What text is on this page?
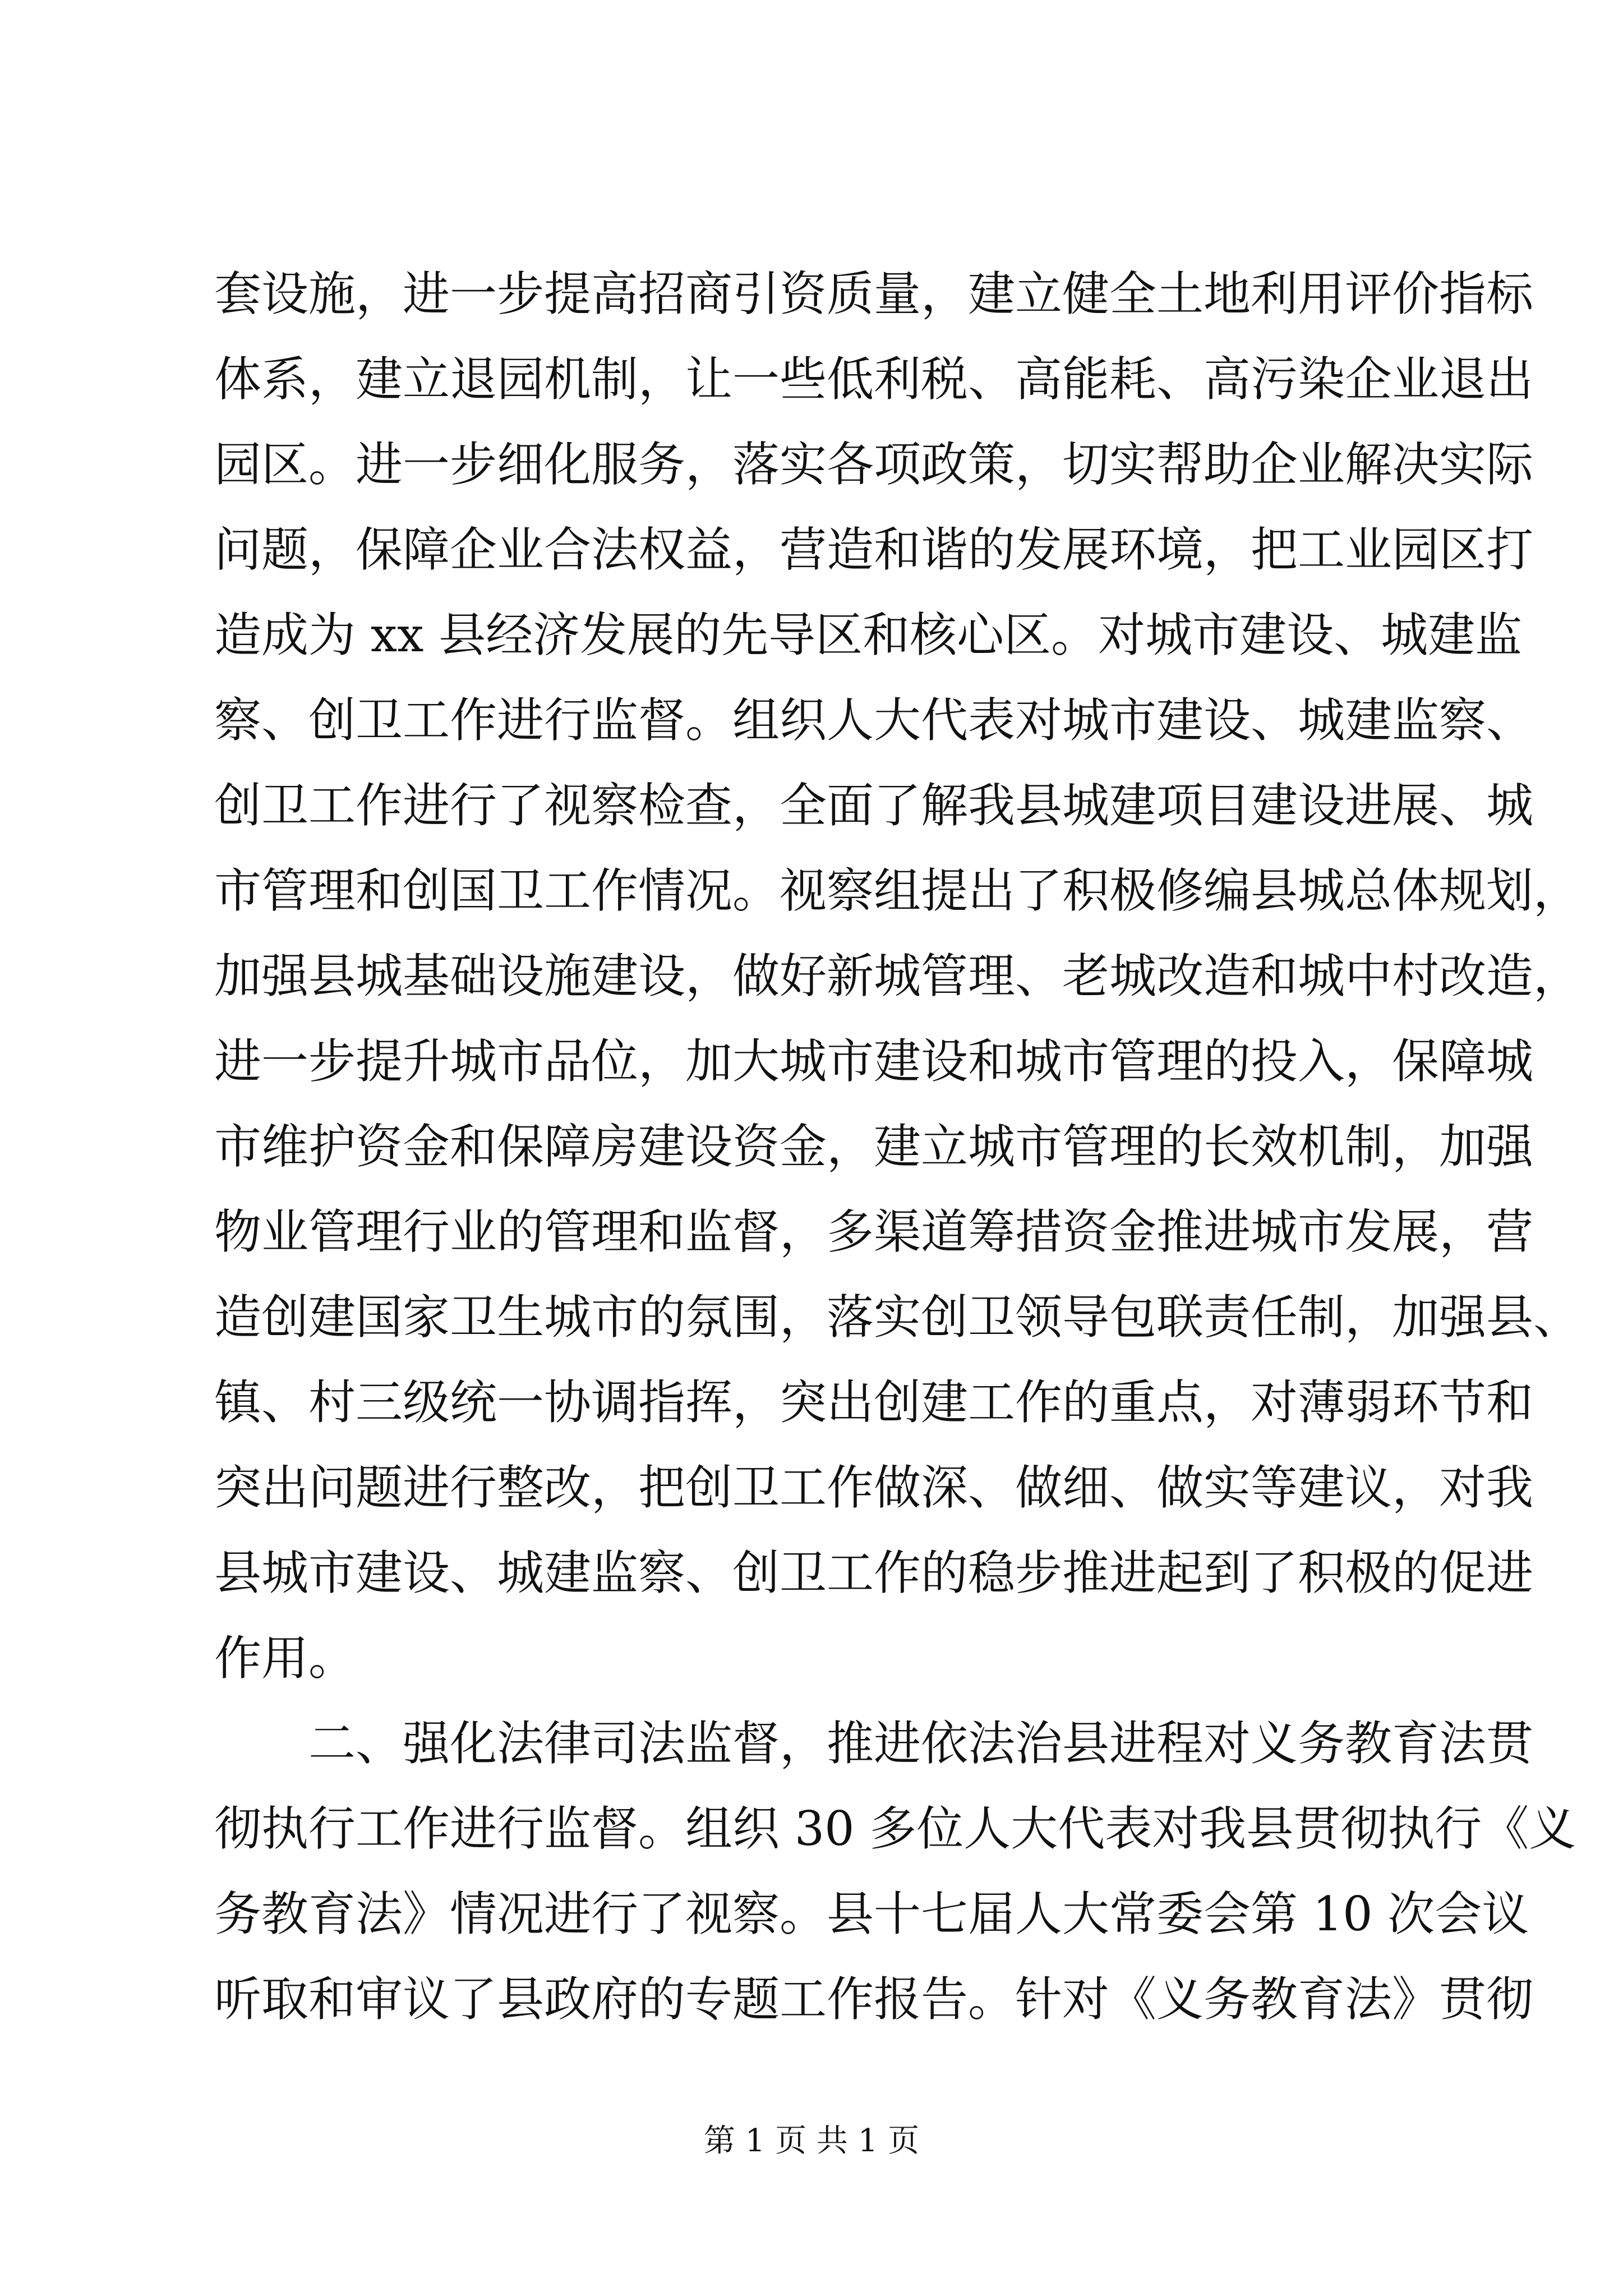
套设施，进一步提高招商引资质量，建立健全土地利用评价指标
体系，建立退园机制，让一些低利税、高能耗、高污染企业退出
园区。进一步细化服务，落实各项政策，切实帮助企业解决实际
问题，保障企业合法权益，营造和谐的发展环境，把工业园区打
造成为 xx 县经济发展的先导区和核心区。对城市建设、城建监
察、创卫工作进行监督。组织人大代表对城市建设、城建监察、
创卫工作进行了视察检查，全面了解我县城建项目建设进展、城
市管理和创国卫工作情况。视察组提出了积极修编县城总体规划，
加强县城基础设施建设，做好新城管理、老城改造和城中村改造，
进一步提升城市品位，加大城市建设和城市管理的投入，保障城
市维护资金和保障房建设资金，建立城市管理的长效机制，加强
物业管理行业的管理和监督，多渠道筹措资金推进城市发展，营
造创建国家卫生城市的氛围，落实创卫领导包联责任制，加强县、
镇、村三级统一协调指挥，突出创建工作的重点，对薄弱环节和
突出问题进行整改，把创卫工作做深、做细、做实等建议，对我
县城市建设、城建监察、创卫工作的稳步推进起到了积极的促进
作用。
二、强化法律司法监督，推进依法治县进程对义务教育法贯
彻执行工作进行监督。组织 30 多位人大代表对我县贯彻执行《义
务教育法》情况进行了视察。县十七届人大常委会第 10 次会议
听取和审议了县政府的专题工作报告。针对《义务教育法》贯彻
第 1 页 共 1 页
